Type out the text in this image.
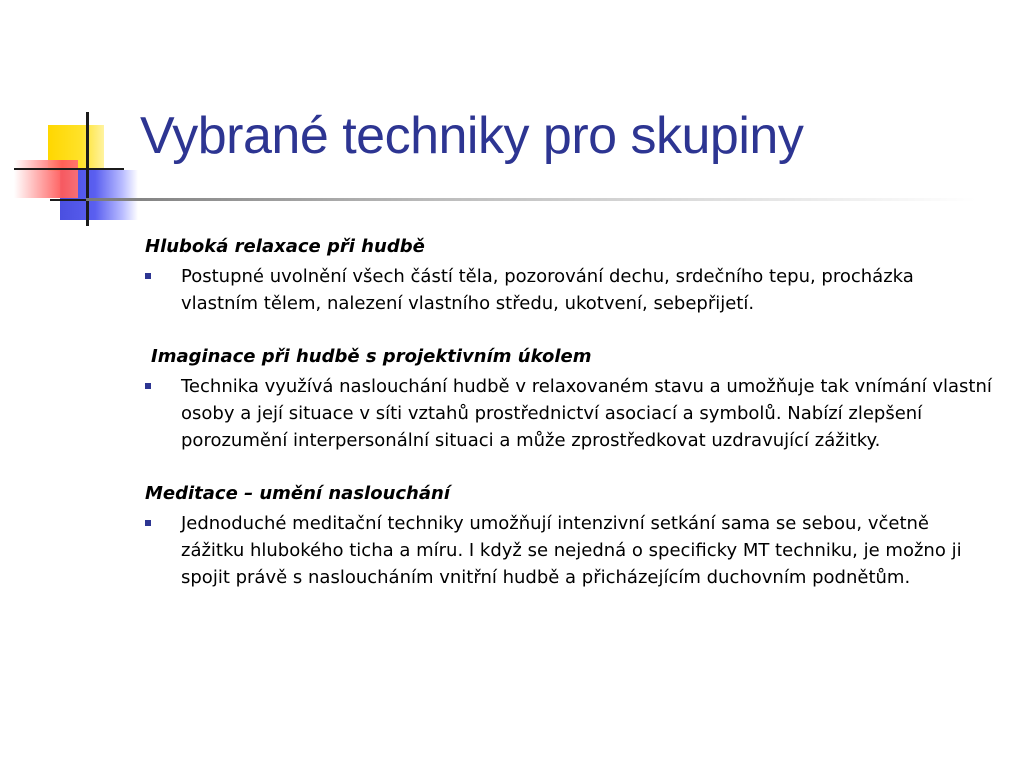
Vybrané techniky pro skupiny

Hluboká relaxace při hudbě

Postupné uvolnění všech částí těla, pozorování dechu, srdečního tepu, procházka vlastním tělem, nalezení vlastního středu, ukotvení, sebepřijetí.

Imaginace při hudbě s projektivním úkolem

Technika využívá naslouchání hudbě v relaxovaném stavu a umožňuje tak vnímání vlastní osoby a její situace v síti vztahů prostřednictví asociací a symbolů. Nabízí zlepšení porozumění interpersonální situaci a může zprostředkovat uzdravující zážitky.

Meditace – umění naslouchání

Jednoduché meditační techniky umožňují intenzivní setkání sama se sebou, včetně zážitku hlubokého ticha a míru. I když se nejedná o specificky MT techniku, je možno ji spojit právě s nasloucháním vnitřní hudbě a přicházejícím duchovním podnětům.
